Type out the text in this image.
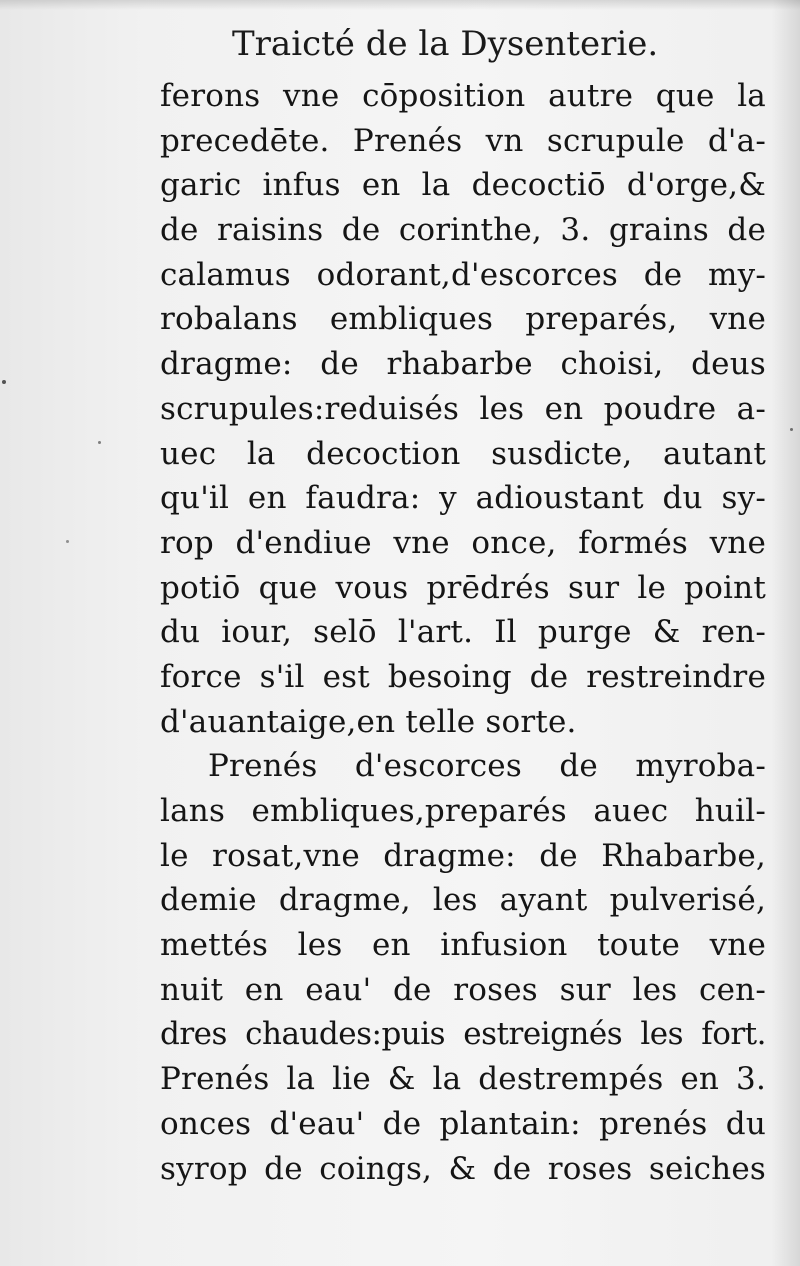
Traicté de la Dysenterie.
ferons vne cōposition autre que la
precedēte. Prenés vn scrupule d'a-
garic infus en la decoctiō d'orge,&
de raisins de corinthe, 3. grains de
calamus odorant,d'escorces de my-
robalans embliques preparés, vne
dragme: de rhabarbe choisi, deus
scrupules:reduisés les en poudre a-
uec la decoction susdicte, autant
qu'il en faudra: y adioustant du sy-
rop d'endiue vne once, formés vne
potiō que vous prēdrés sur le point
du iour, selō l'art. Il purge & ren-
force s'il est besoing de restreindre
d'auantaige,en telle sorte.
Prenés d'escorces de myroba-
lans embliques,preparés auec huil-
le rosat,vne dragme: de Rhabarbe,
demie dragme, les ayant pulverisé,
mettés les en infusion toute vne
nuit en eau' de roses sur les cen-
dres chaudes:puis estreignés les fort.
Prenés la lie & la destrempés en 3.
onces d'eau' de plantain: prenés du
syrop de coings, & de roses seiches
